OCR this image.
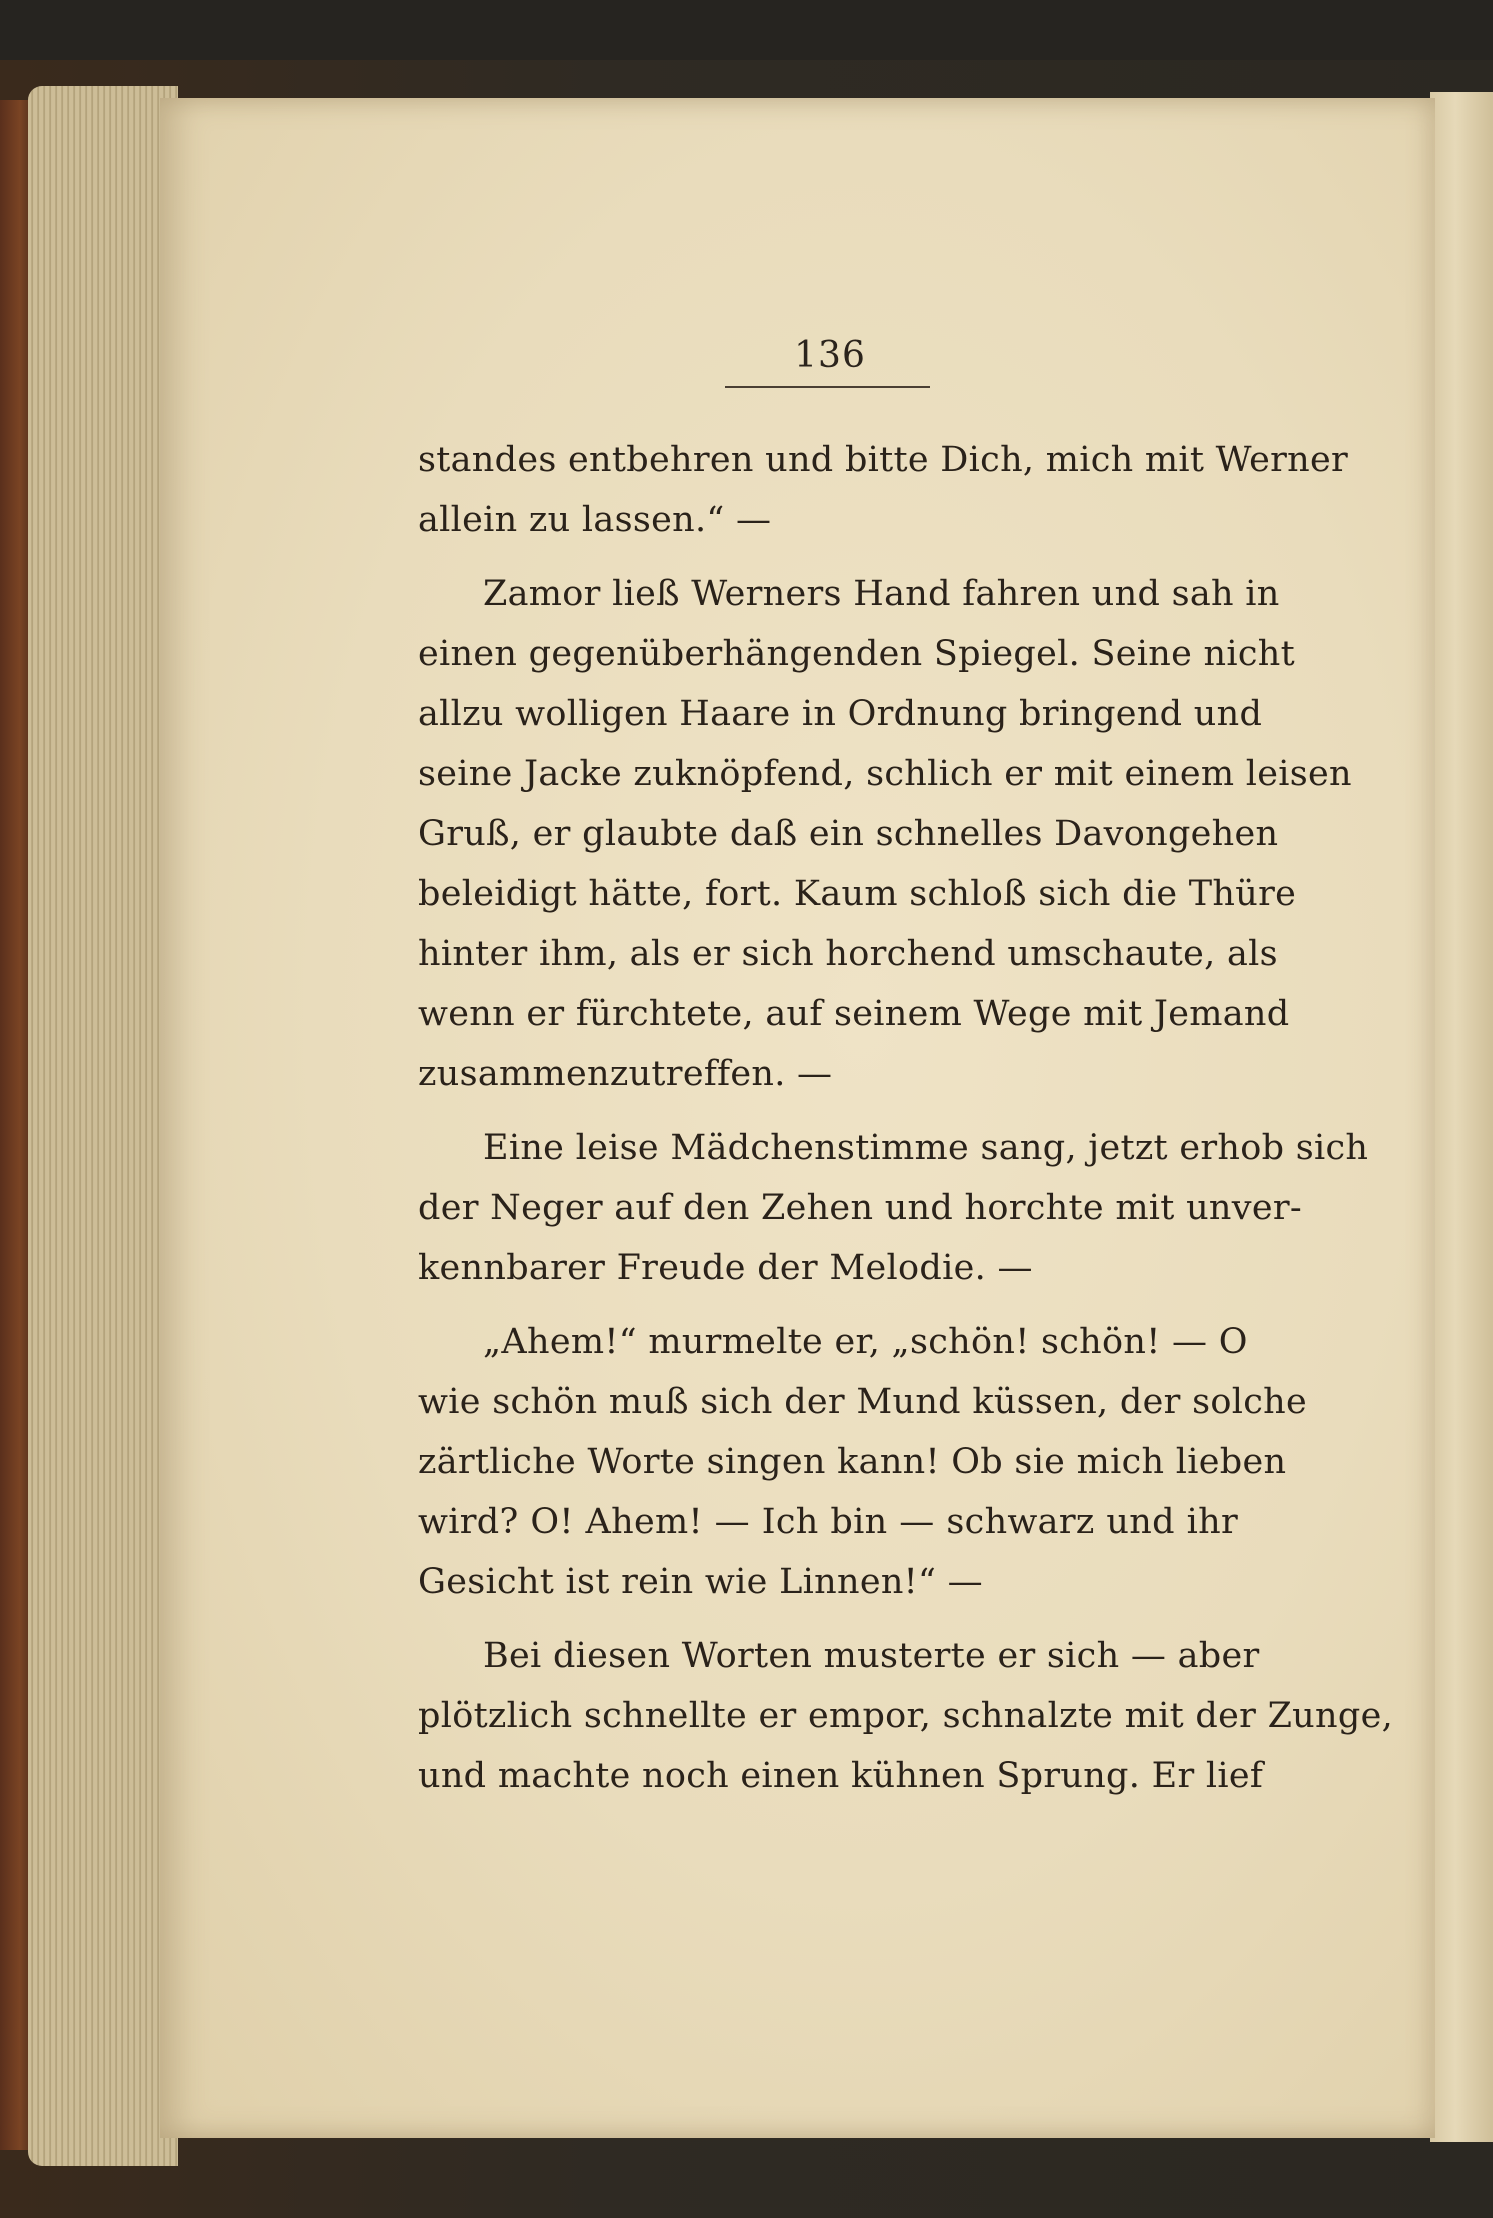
136
standes entbehren und bitte Dich, mich mit Werner
allein zu lassen.“ —
Zamor ließ Werners Hand fahren und sah in
einen gegenüberhängenden Spiegel. Seine nicht
allzu wolligen Haare in Ordnung bringend und
seine Jacke zuknöpfend, schlich er mit einem leisen
Gruß, er glaubte daß ein schnelles Davongehen
beleidigt hätte, fort. Kaum schloß sich die Thüre
hinter ihm, als er sich horchend umschaute, als
wenn er fürchtete, auf seinem Wege mit Jemand
zusammenzutreffen. —
Eine leise Mädchenstimme sang, jetzt erhob sich
der Neger auf den Zehen und horchte mit unver-
kennbarer Freude der Melodie. —
„Ahem!“ murmelte er, „schön! schön! — O
wie schön muß sich der Mund küssen, der solche
zärtliche Worte singen kann! Ob sie mich lieben
wird? O! Ahem! — Ich bin — schwarz und ihr
Gesicht ist rein wie Linnen!“ —
Bei diesen Worten musterte er sich — aber
plötzlich schnellte er empor, schnalzte mit der Zunge,
und machte noch einen kühnen Sprung. Er lief
